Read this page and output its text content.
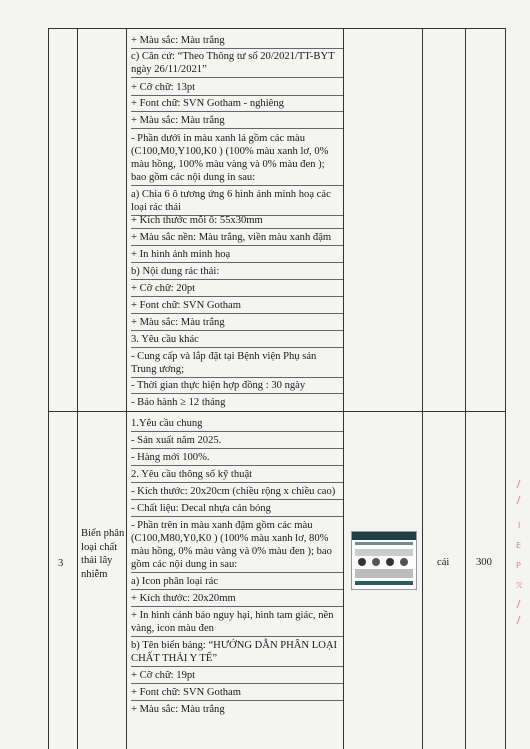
+ Màu sắc: Màu trắng
c) Căn cứ: “Theo Thông tư số 20/2021/TT-BYT
ngày 26/11/2021”
+ Cỡ chữ: 13pt
+ Font chữ: SVN Gotham - nghiêng
+ Màu sắc: Màu trắng
- Phần dưới in màu xanh lá gồm các màu
(C100,M0,Y100,K0 ) (100% màu xanh lơ, 0%
màu hồng, 100% màu vàng và 0% màu đen );
bao gồm các nội dung in sau:
a) Chia 6 ô tương ứng 6 hình ảnh minh hoạ các
loại rác thải
+ Kích thước mỗi ô: 55x30mm
+ Màu sắc nền: Màu trắng, viền màu xanh đậm
+ In hình ảnh minh hoạ
b) Nội dung rác thải:
+ Cỡ chữ: 20pt
+ Font chữ: SVN Gotham
+ Màu sắc: Màu trắng
3. Yêu cầu khác
- Cung cấp và lắp đặt tại Bệnh viện Phụ sản
Trung ương;
- Thời gian thực hiện hợp đồng : 30 ngày
- Bảo hành ≥ 12 tháng
3
Biển phân
loại chất
thải lây
nhiễm
1.Yêu cầu chung
- Sản xuất năm 2025.
- Hàng mới 100%.
2. Yêu cầu thông số kỹ thuật
- Kích thước: 20x20cm (chiều rộng x chiều cao)
- Chất liệu: Decal nhựa cán bóng
- Phần trên in màu xanh đậm gồm các màu
(C100,M80,Y0,K0 ) (100% màu xanh lơ, 80%
màu hồng, 0% màu vàng và 0% màu đen ); bao
gồm các nội dung in sau:
a) Icon phân loại rác
+ Kích thước: 20x20mm
+ In hình cảnh báo nguy hại, hình tam giác, nền
vàng, icon màu đen
b) Tên biển bảng: “HƯỚNG DẪN PHÂN LOẠI
CHẤT THẢI Y TẾ”
+ Cỡ chữ: 19pt
+ Font chữ: SVN Gotham
+ Màu sắc: Màu trắng
cái	300
I
E
P
ℛ
